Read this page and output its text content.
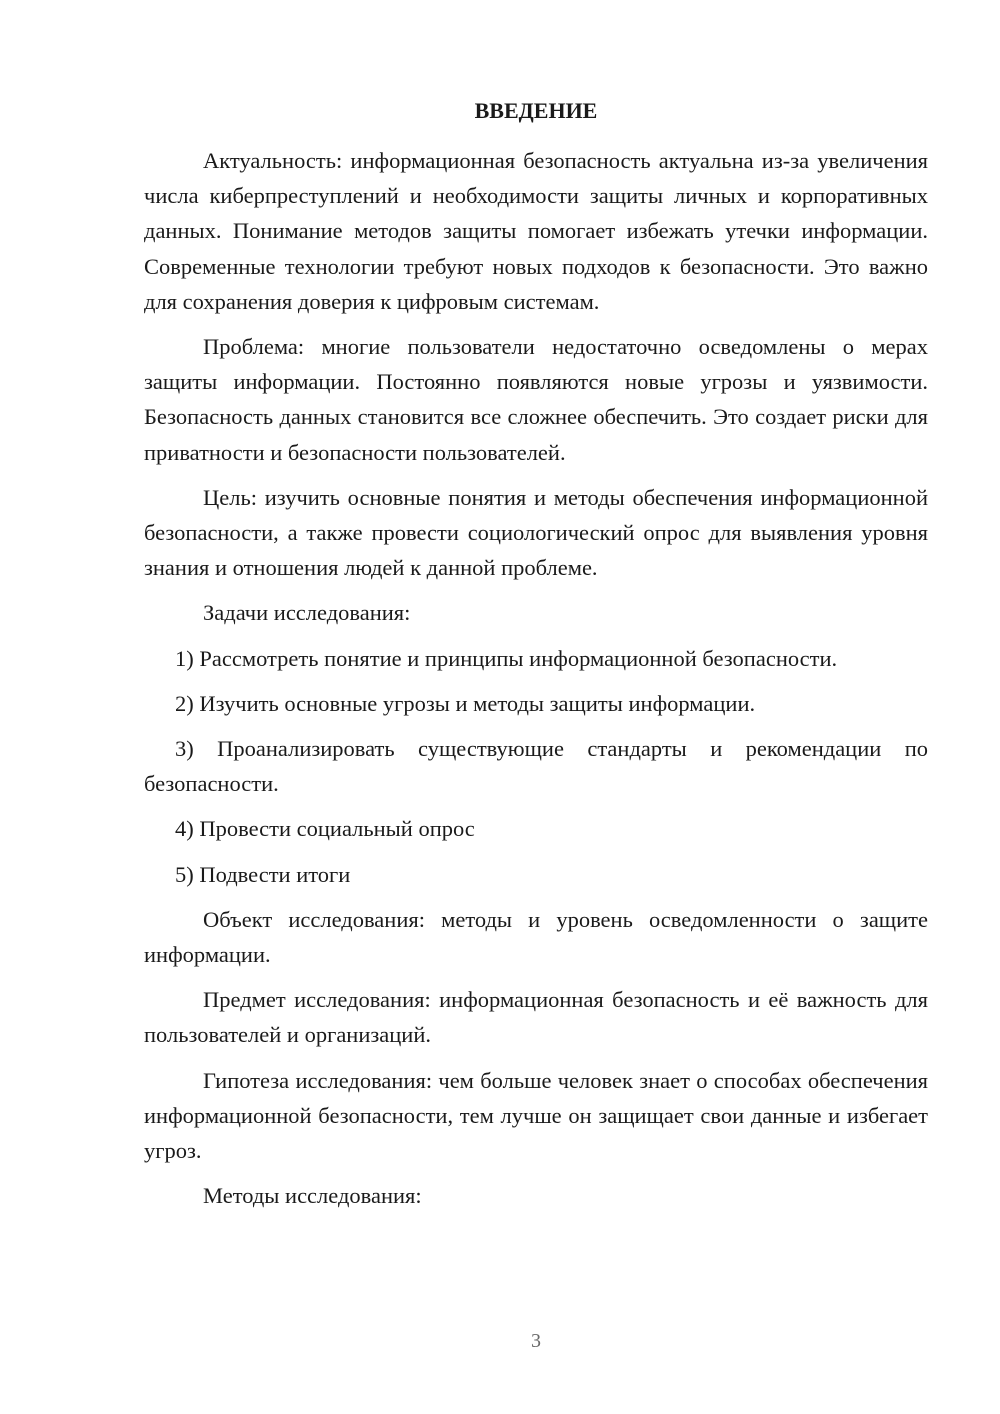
ВВЕДЕНИЕ

Актуальность: информационная безопасность актуальна из-за увеличения числа киберпреступлений и необходимости защиты личных и корпоративных данных. Понимание методов защиты помогает избежать утечки информации. Современные технологии требуют новых подходов к безопасности. Это важно для сохранения доверия к цифровым системам.

Проблема: многие пользователи недостаточно осведомлены о мерах защиты информации. Постоянно появляются новые угрозы и уязвимости. Безопасность данных становится все сложнее обеспечить. Это создает риски для приватности и безопасности пользователей.

Цель: изучить основные понятия и методы обеспечения информационной безопасности, а также провести социологический опрос для выявления уровня знания и отношения людей к данной проблеме.

Задачи исследования:

1) Рассмотреть понятие и принципы информационной безопасности.

2) Изучить основные угрозы и методы защиты информации.

3) Проанализировать существующие стандарты и рекомендации по безопасности.

4) Провести социальный опрос

5) Подвести итоги

Объект исследования: методы и уровень осведомленности о защите информации.

Предмет исследования: информационная безопасность и её важность для пользователей и организаций.

Гипотеза исследования: чем больше человек знает о способах обеспечения информационной безопасности, тем лучше он защищает свои данные и избегает угроз.

Методы исследования:

3
